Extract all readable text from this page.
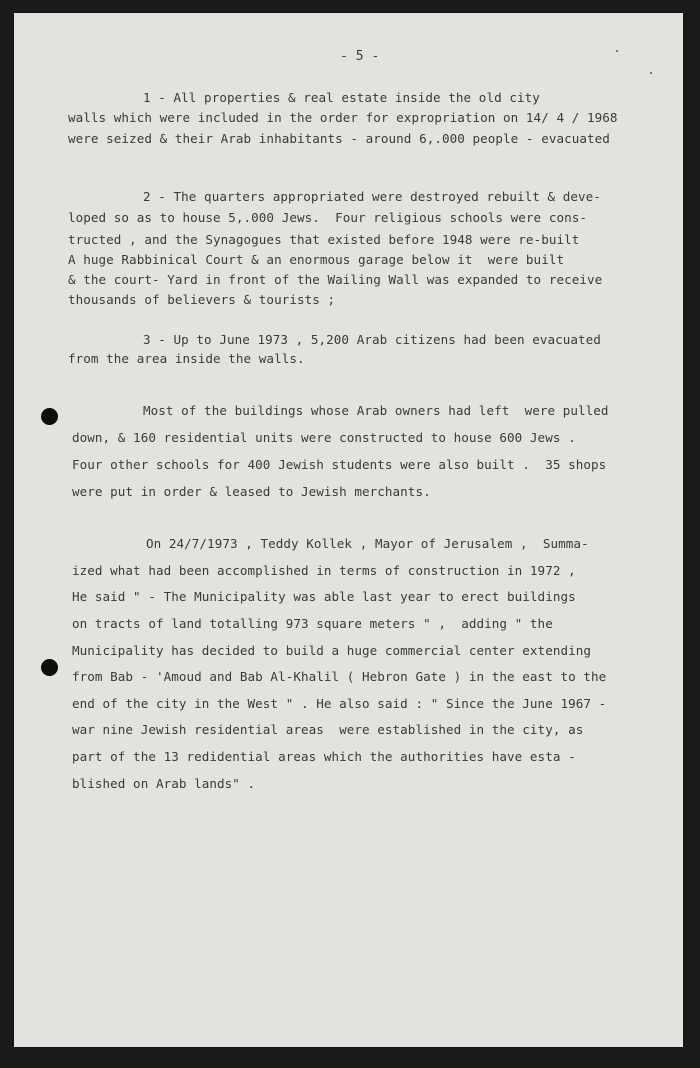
- 5 -
1 - All properties & real estate inside the old city
walls which were included in the order for expropriation on 14/ 4 / 1968
were seized & their Arab inhabitants - around 6,.000 people - evacuated
2 - The quarters appropriated were destroyed rebuilt & deve-
loped so as to house 5,.000 Jews.  Four religious schools were cons-
tructed , and the Synagogues that existed before 1948 were re-built
A huge Rabbinical Court & an enormous garage below it  were built
& the court- Yard in front of the Wailing Wall was expanded to receive
thousands of believers & tourists ;
3 - Up to June 1973 , 5,200 Arab citizens had been evacuated
from the area inside the walls.
Most of the buildings whose Arab owners had left  were pulled
down, & 160 residential units were constructed to house 600 Jews .
Four other schools for 400 Jewish students were also built .  35 shops
were put in order & leased to Jewish merchants.
On 24/7/1973 , Teddy Kollek , Mayor of Jerusalem ,  Summa-
ized what had been accomplished in terms of construction in 1972 ,
He said " - The Municipality was able last year to erect buildings
on tracts of land totalling 973 square meters " ,  adding " the
Municipality has decided to build a huge commercial center extending
from Bab - 'Amoud and Bab Al-Khalil ( Hebron Gate ) in the east to the
end of the city in the West " . He also said : " Since the June 1967 -
war nine Jewish residential areas  were established in the city, as
part of the 13 redidential areas which the authorities have esta -
blished on Arab lands" .
